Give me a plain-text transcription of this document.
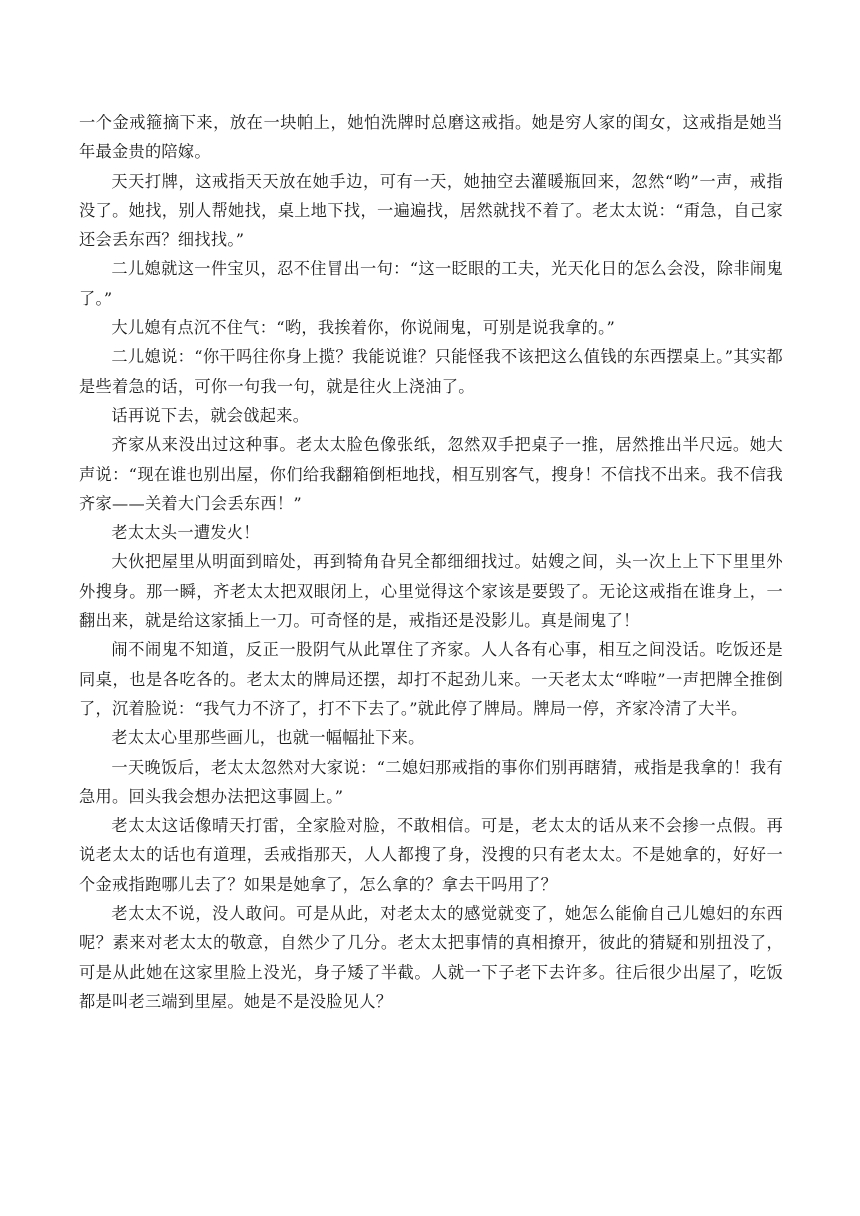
一个金戒箍摘下来，放在一块帕上，她怕洗牌时总磨这戒指。她是穷人家的闺女，这戒指是她当年最金贵的陪嫁。

天天打牌，这戒指天天放在她手边，可有一天，她抽空去灌暖瓶回来，忽然“哟”一声，戒指没了。她找，别人帮她找，桌上地下找，一遍遍找，居然就找不着了。老太太说：“甭急，自己家还会丢东西？细找找。”

二儿媳就这一件宝贝，忍不住冒出一句：“这一眨眼的工夫，光天化日的怎么会没，除非闹鬼了。”

大儿媳有点沉不住气：“哟，我挨着你，你说闹鬼，可别是说我拿的。”

二儿媳说：“你干吗往你身上揽？我能说谁？只能怪我不该把这么值钱的东西摆桌上。”其实都是些着急的话，可你一句我一句，就是往火上浇油了。

话再说下去，就会戗起来。

齐家从来没出过这种事。老太太脸色像张纸，忽然双手把桌子一推，居然推出半尺远。她大声说：“现在谁也别出屋，你们给我翻箱倒柜地找，相互别客气，搜身！不信找不出来。我不信我齐家——关着大门会丢东西！”

老太太头一遭发火！

大伙把屋里从明面到暗处，再到犄角旮旯全都细细找过。姑嫂之间，头一次上上下下里里外外搜身。那一瞬，齐老太太把双眼闭上，心里觉得这个家该是要毁了。无论这戒指在谁身上，一翻出来，就是给这家插上一刀。可奇怪的是，戒指还是没影儿。真是闹鬼了！

闹不闹鬼不知道，反正一股阴气从此罩住了齐家。人人各有心事，相互之间没话。吃饭还是同桌，也是各吃各的。老太太的牌局还摆，却打不起劲儿来。一天老太太“哗啦”一声把牌全推倒了，沉着脸说：“我气力不济了，打不下去了。”就此停了牌局。牌局一停，齐家冷清了大半。

老太太心里那些画儿，也就一幅幅扯下来。

一天晚饭后，老太太忽然对大家说：“二媳妇那戒指的事你们别再瞎猜，戒指是我拿的！我有急用。回头我会想办法把这事圆上。”

老太太这话像晴天打雷，全家脸对脸，不敢相信。可是，老太太的话从来不会掺一点假。再说老太太的话也有道理，丢戒指那天，人人都搜了身，没搜的只有老太太。不是她拿的，好好一个金戒指跑哪儿去了？如果是她拿了，怎么拿的？拿去干吗用了？

老太太不说，没人敢问。可是从此，对老太太的感觉就变了，她怎么能偷自己儿媳妇的东西呢？素来对老太太的敬意，自然少了几分。老太太把事情的真相撩开，彼此的猜疑和别扭没了，可是从此她在这家里脸上没光，身子矮了半截。人就一下子老下去许多。往后很少出屋了，吃饭都是叫老三端到里屋。她是不是没脸见人？
